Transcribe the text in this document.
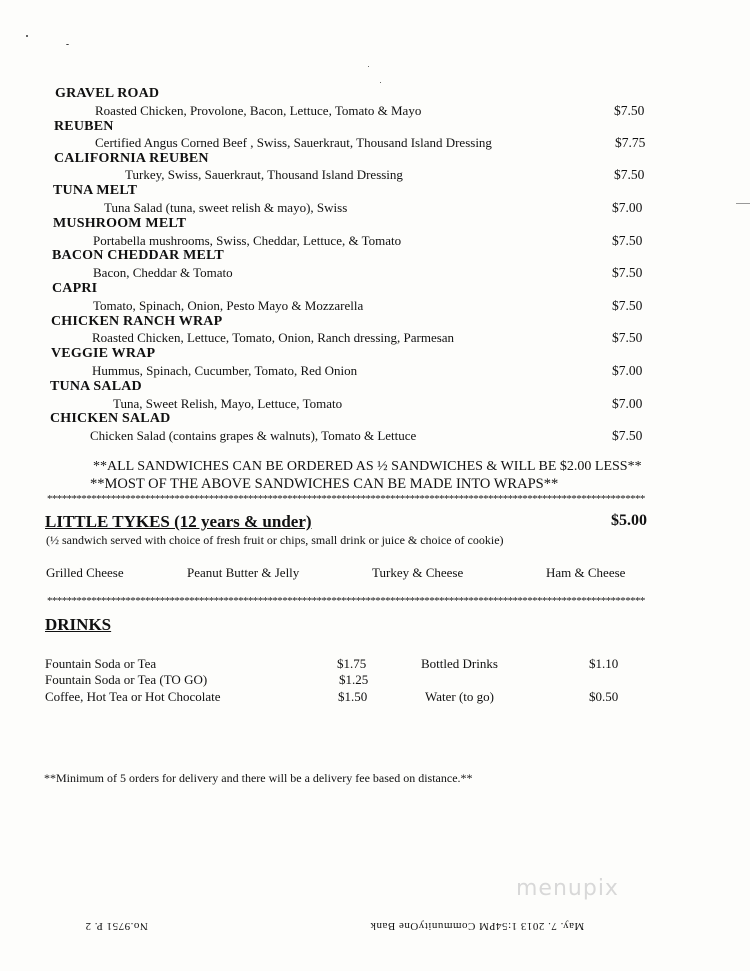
GRAVEL ROAD
Roasted Chicken, Provolone, Bacon, Lettuce, Tomato & Mayo	$7.50
REUBEN
Certified Angus Corned Beef , Swiss, Sauerkraut, Thousand Island Dressing	$7.75
CALIFORNIA REUBEN
Turkey, Swiss, Sauerkraut, Thousand Island Dressing	$7.50
TUNA MELT
Tuna Salad (tuna, sweet relish & mayo), Swiss	$7.00
MUSHROOM MELT
Portabella mushrooms, Swiss, Cheddar, Lettuce, & Tomato	$7.50
BACON CHEDDAR MELT
Bacon, Cheddar & Tomato	$7.50
CAPRI
Tomato, Spinach, Onion, Pesto Mayo & Mozzarella	$7.50
CHICKEN RANCH WRAP
Roasted Chicken, Lettuce, Tomato, Onion, Ranch dressing, Parmesan	$7.50
VEGGIE WRAP
Hummus, Spinach, Cucumber, Tomato, Red Onion	$7.00
TUNA SALAD
Tuna, Sweet Relish, Mayo, Lettuce, Tomato	$7.00
CHICKEN SALAD
Chicken Salad (contains grapes & walnuts), Tomato & Lettuce	$7.50
**ALL SANDWICHES CAN BE ORDERED AS ½ SANDWICHES & WILL BE $2.00 LESS**
**MOST OF THE ABOVE SANDWICHES CAN BE MADE INTO WRAPS**
**************************************************************************************************************************
LITTLE TYKES (12 years & under)	$5.00
(½ sandwich served with choice of fresh fruit or chips, small drink or juice & choice of cookie)
Grilled Cheese	Peanut Butter & Jelly	Turkey & Cheese	Ham & Cheese
**************************************************************************************************************************
DRINKS
Fountain Soda or Tea	$1.75
Fountain Soda or Tea (TO GO)	$1.25
Coffee, Hot Tea or Hot Chocolate	$1.50
Bottled Drinks	$1.10
Water (to go)	$0.50
**Minimum of 5 orders for delivery and there will be a delivery fee based on distance.**
menupix
No.9751 P. 2	May. 7. 2013 1:54PM CommunityOne Bank
